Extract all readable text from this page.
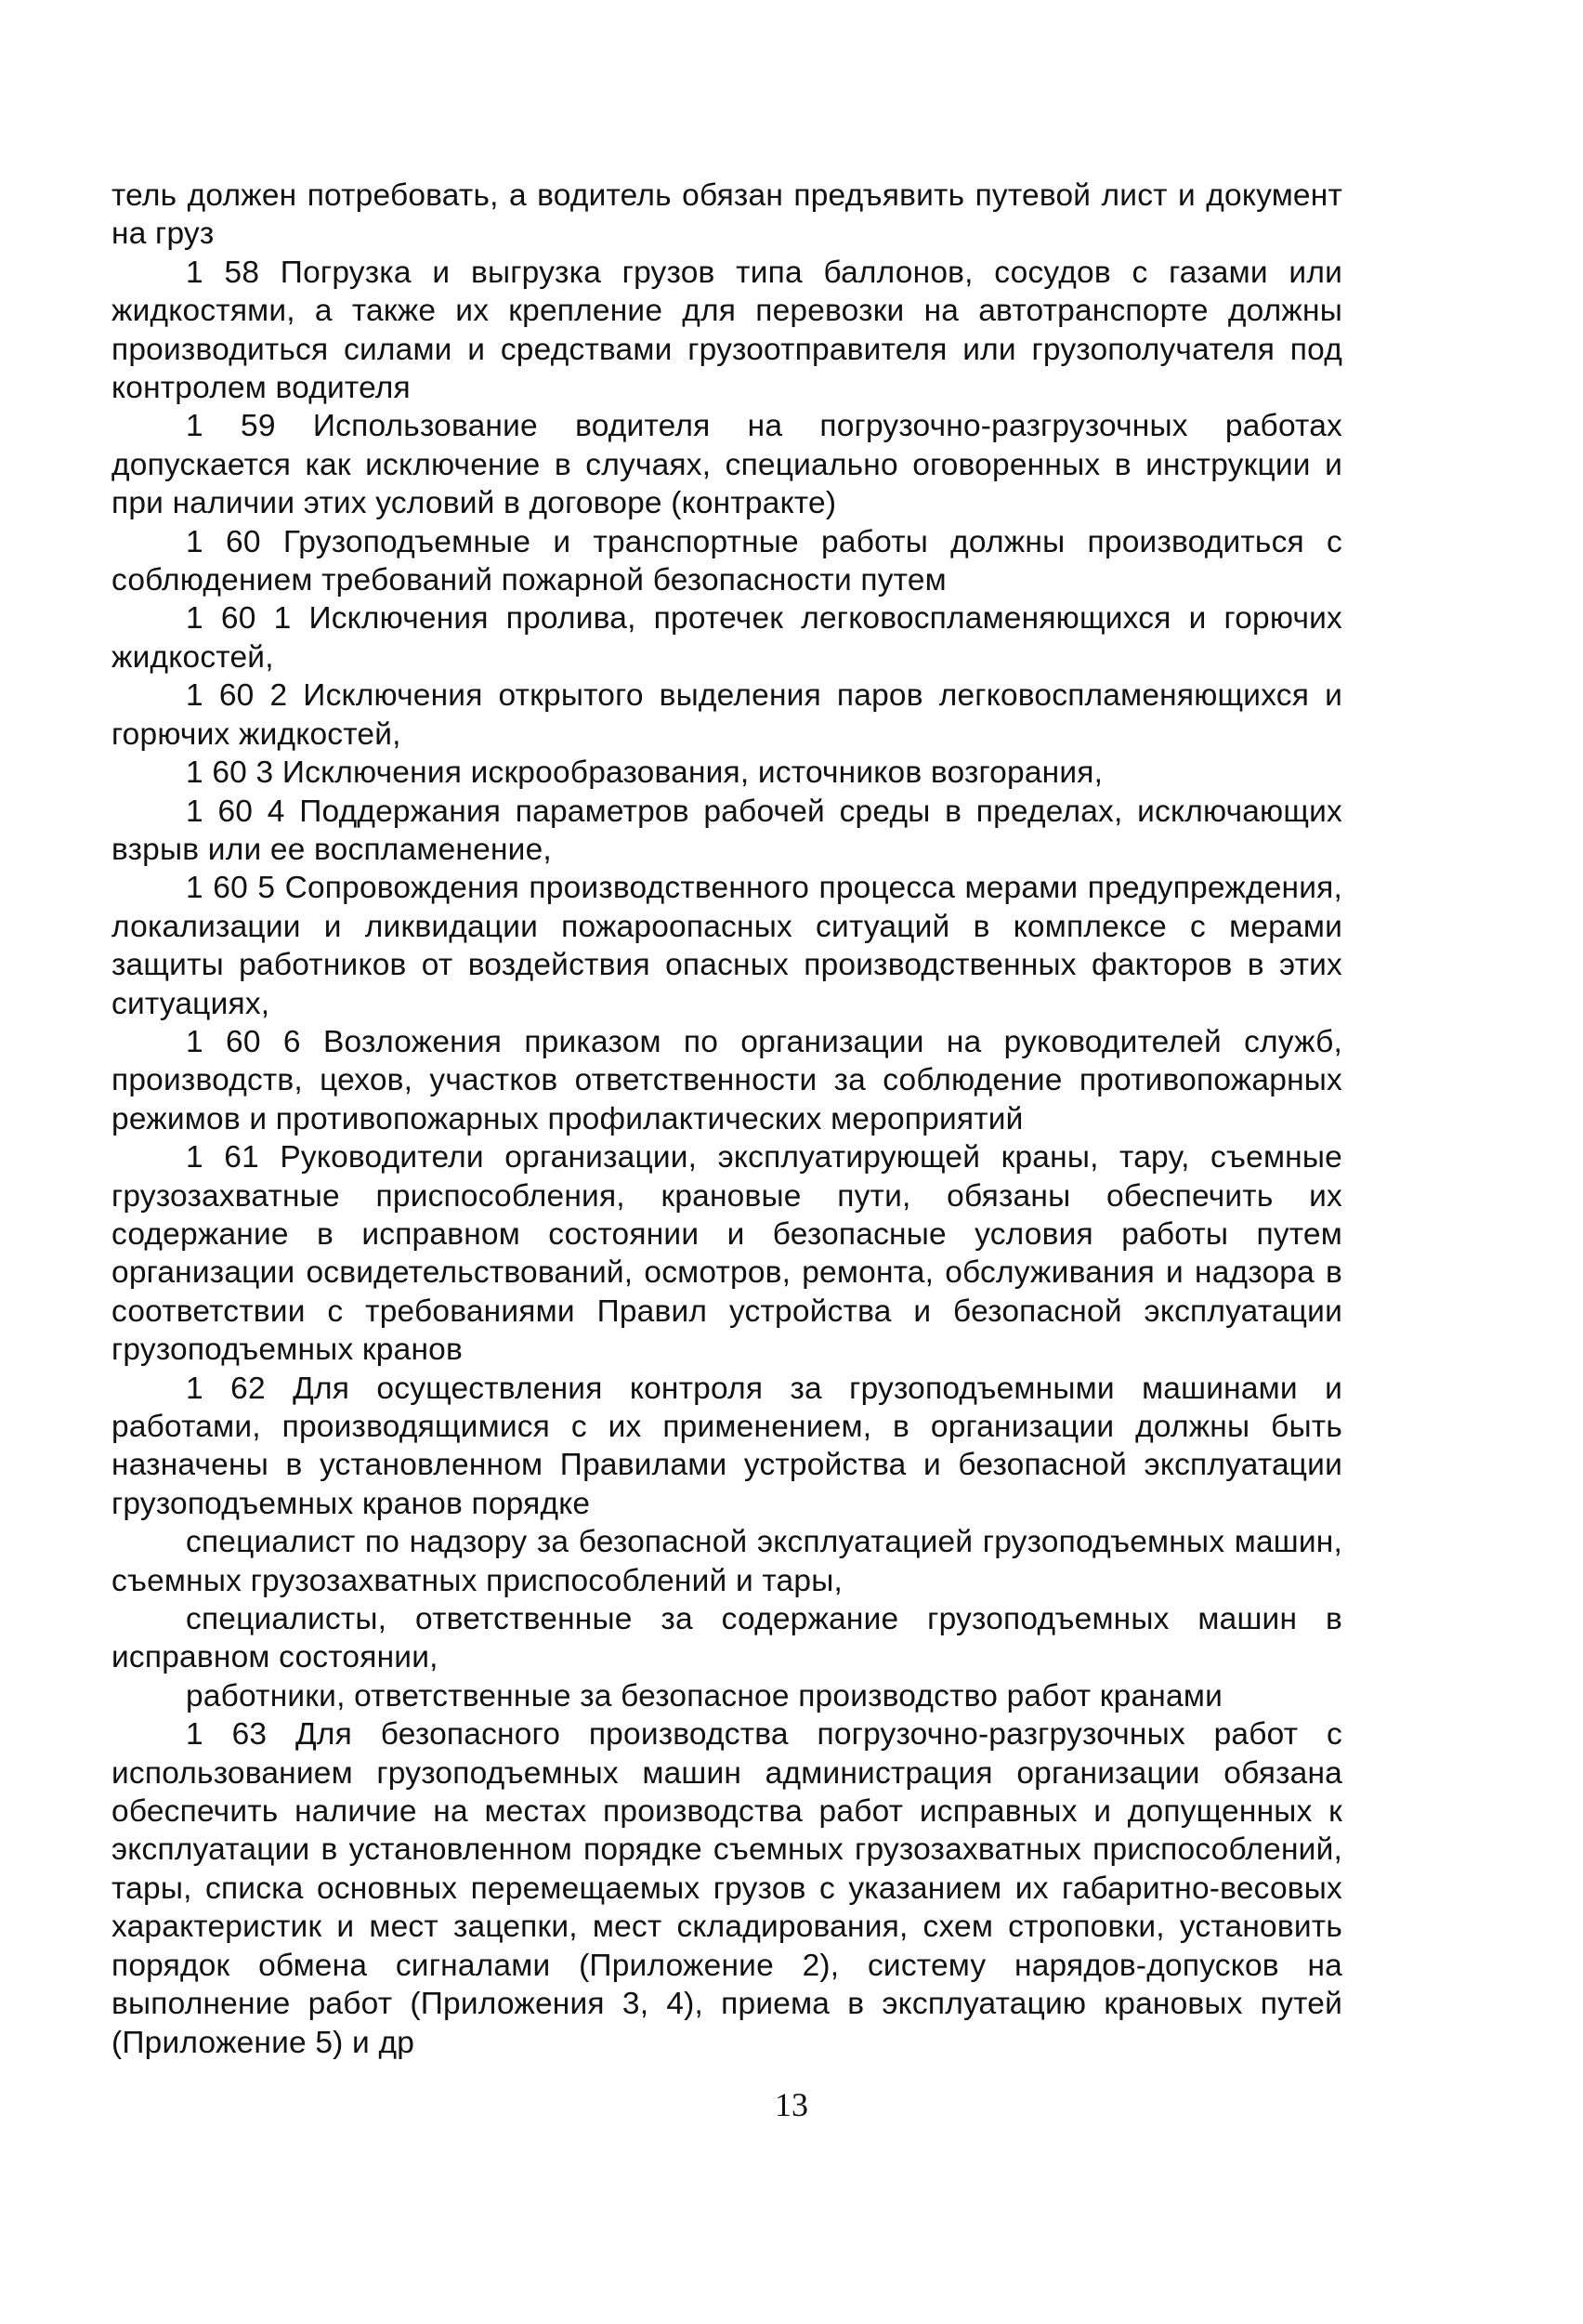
тель должен потребовать, а водитель обязан предъявить путевой лист и документ на груз

1 58 Погрузка и выгрузка грузов типа баллонов, сосудов с газами или жидкостями, а также их крепление для перевозки на автотранспорте должны производиться силами и средствами грузоотправителя или грузополучателя под контролем водителя

1 59 Использование водителя на погрузочно-разгрузочных работах допускается как исключение в случаях, специально оговоренных в инструкции и при наличии этих условий в договоре (контракте)

1 60 Грузоподъемные и транспортные работы должны производиться с соблюдением требований пожарной безопасности путем

1 60 1 Исключения пролива, протечек легковоспламеняющихся и горючих жидкостей,

1 60 2 Исключения открытого выделения паров легковоспламеняющихся и горючих жидкостей,

1 60 3 Исключения искрообразования, источников возгорания,

1 60 4 Поддержания параметров рабочей среды в пределах, исключающих взрыв или ее воспламенение,

1 60 5 Сопровождения производственного процесса мерами предупреждения, локализации и ликвидации пожароопасных ситуаций в комплексе с мерами защиты работников от воздействия опасных производственных факторов в этих ситуациях,

1 60 6 Возложения приказом по организации на руководителей служб, производств, цехов, участков ответственности за соблюдение противопожарных режимов и противопожарных профилактических мероприятий

1 61 Руководители организации, эксплуатирующей краны, тару, съемные грузозахватные приспособления, крановые пути, обязаны обеспечить их содержание в исправном состоянии и безопасные условия работы путем организации освидетельствований, осмотров, ремонта, обслуживания и надзора в соответствии с требованиями Правил устройства и безопасной эксплуатации грузоподъемных кранов

1 62 Для осуществления контроля за грузоподъемными машинами и работами, производящимися с их применением, в организации должны быть назначены в установленном Правилами устройства и безопасной эксплуатации грузоподъемных кранов порядке

специалист по надзору за безопасной эксплуатацией грузоподъемных машин, съемных грузозахватных приспособлений и тары,

специалисты, ответственные за содержание грузоподъемных машин в исправном состоянии,

работники, ответственные за безопасное производство работ кранами

1 63 Для безопасного производства погрузочно-разгрузочных работ с использованием грузоподъемных машин администрация организации обязана обеспечить наличие на местах производства работ исправных и допущенных к эксплуатации в установленном порядке съемных грузозахватных приспособлений, тары, списка основных перемещаемых грузов с указанием их габаритно-весовых характеристик и мест зацепки, мест складирования, схем строповки, установить порядок обмена сигналами (Приложение 2), систему нарядов-допусков на выполнение работ (Приложения 3, 4), приема в эксплуатацию крановых путей (Приложение 5) и др

13
